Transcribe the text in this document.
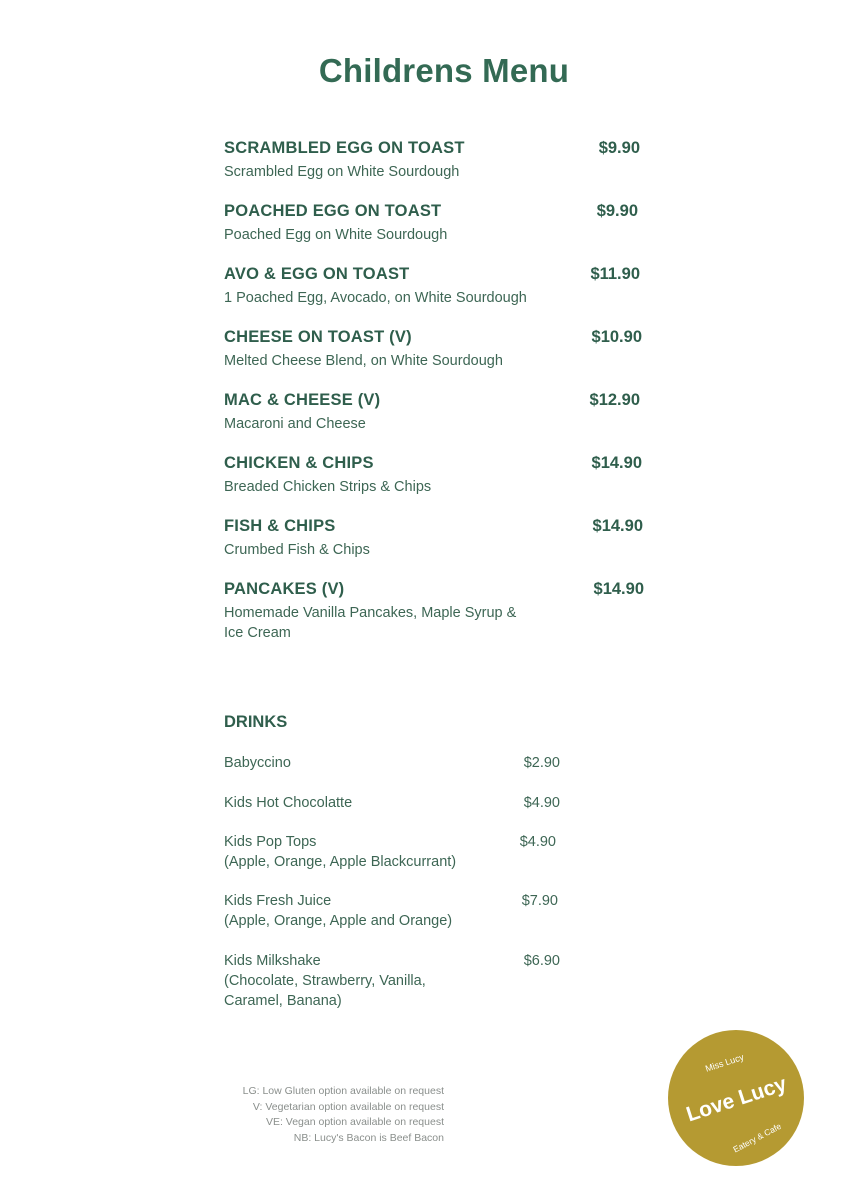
Childrens Menu
SCRAMBLED EGG ON TOAST
Scrambled Egg on White Sourdough
$9.90
POACHED EGG ON TOAST
Poached Egg on White Sourdough
$9.90
AVO & EGG ON TOAST
1 Poached Egg, Avocado, on White Sourdough
$11.90
CHEESE ON TOAST (V)
Melted Cheese Blend, on White Sourdough
$10.90
MAC & CHEESE (V)
Macaroni and Cheese
$12.90
CHICKEN & CHIPS
Breaded Chicken Strips & Chips
$14.90
FISH & CHIPS
Crumbed Fish & Chips
$14.90
PANCAKES (V)
Homemade Vanilla Pancakes, Maple Syrup & Ice Cream
$14.90
DRINKS
Babyccino	$2.90
Kids Hot Chocolatte	$4.90
Kids Pop Tops
(Apple, Orange, Apple Blackcurrant)
$4.90
Kids Fresh Juice
(Apple, Orange, Apple and Orange)
$7.90
Kids Milkshake
(Chocolate, Strawberry, Vanilla, Caramel, Banana)
$6.90
LG: Low Gluten option available on request
V: Vegetarian option available on request
VE: Vegan option available on request
NB: Lucy's Bacon is Beef Bacon
Miss Lucy
Love Lucy
Eatery & Cafe
